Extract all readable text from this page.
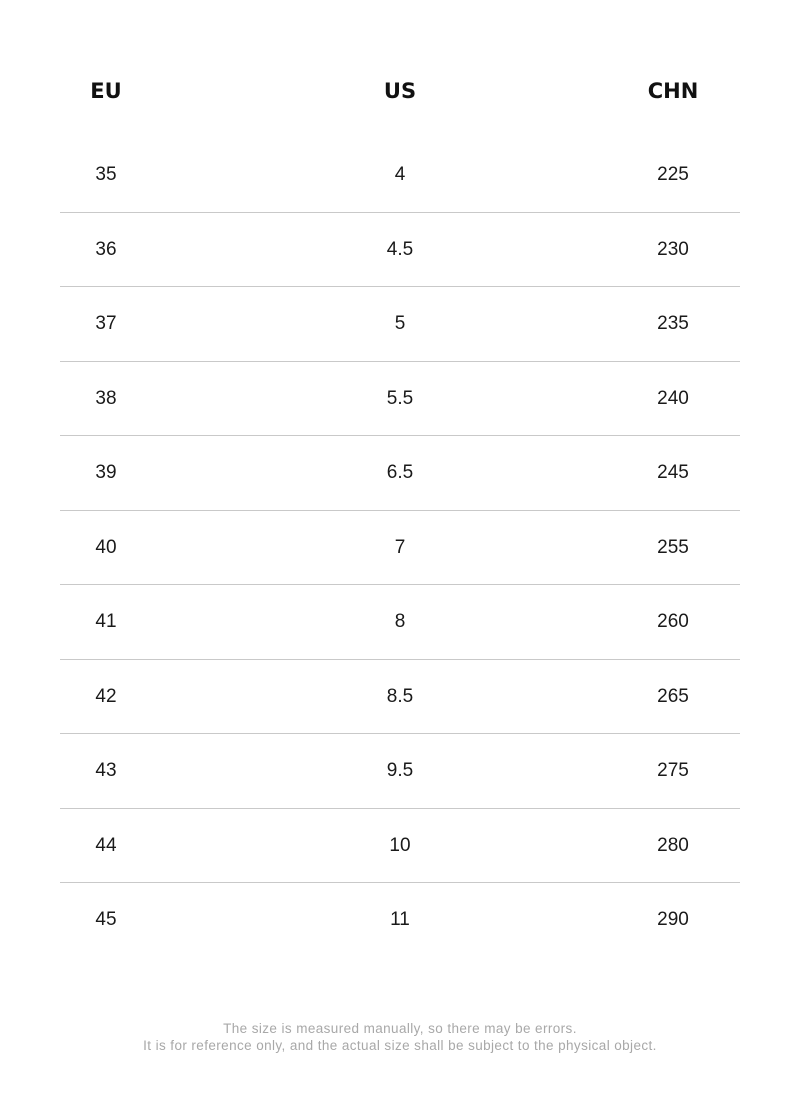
EU	US	CHN
35	4	225
36	4.5	230
37	5	235
38	5.5	240
39	6.5	245
40	7	255
41	8	260
42	8.5	265
43	9.5	275
44	10	280
45	11	290
The size is measured manually, so there may be errors.
It is for reference only, and the actual size shall be subject to the physical object.
